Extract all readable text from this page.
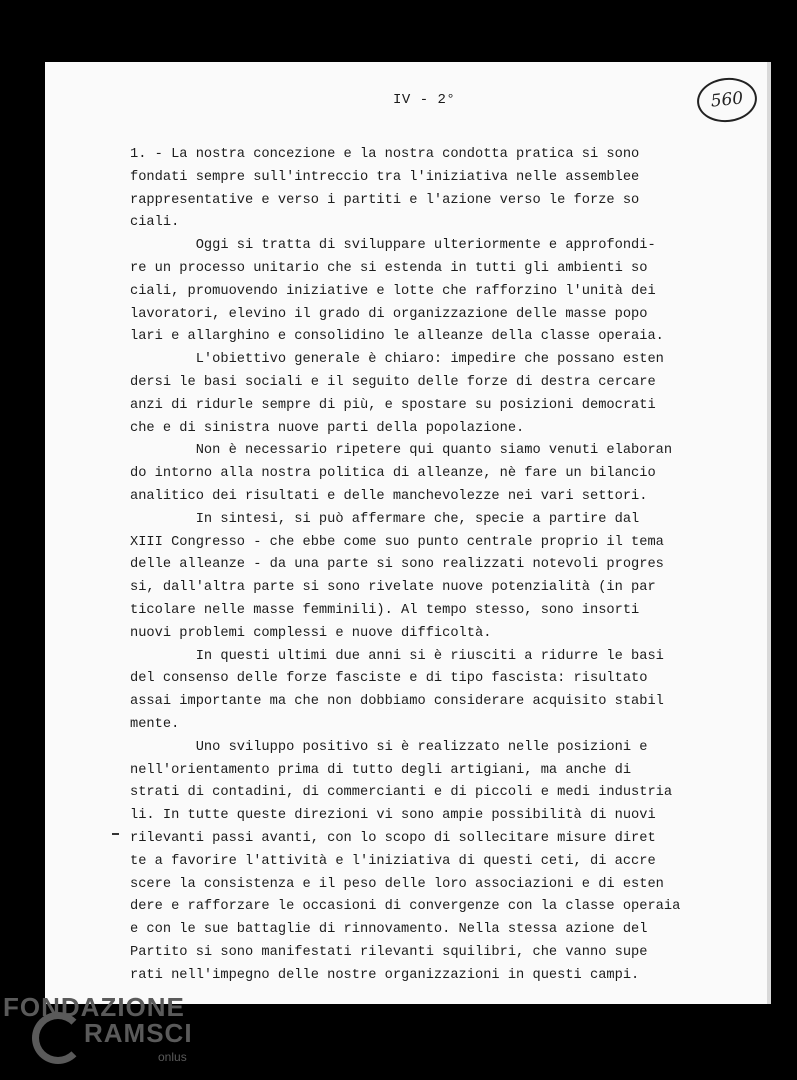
IV - 2°	560
1. - La nostra concezione e la nostra condotta pratica si sono
fondati sempre sull'intreccio tra l'iniziativa nelle assemblee
rappresentative e verso i partiti e l'azione verso le forze so
ciali.
Oggi si tratta di sviluppare ulteriormente e approfondi-
re un processo unitario che si estenda in tutti gli ambienti so
ciali, promuovendo iniziative e lotte che rafforzino l'unità dei
lavoratori, elevino il grado di organizzazione delle masse popo
lari e allarghino e consolidino le alleanze della classe operaia.
L'obiettivo generale è chiaro: impedire che possano esten
dersi le basi sociali e il seguito delle forze di destra cercare
anzi di ridurle sempre di più, e spostare su posizioni democrati
che e di sinistra nuove parti della popolazione.
Non è necessario ripetere qui quanto siamo venuti elaboran
do intorno alla nostra politica di alleanze, nè fare un bilancio
analitico dei risultati e delle manchevolezze nei vari settori.
In sintesi, si può affermare che, specie a partire dal
XIII Congresso - che ebbe come suo punto centrale proprio il tema
delle alleanze - da una parte si sono realizzati notevoli progres
si, dall'altra parte si sono rivelate nuove potenzialità (in par
ticolare nelle masse femminili). Al tempo stesso, sono insorti
nuovi problemi complessi e nuove difficoltà.
In questi ultimi due anni si è riusciti a ridurre le basi
del consenso delle forze fasciste e di tipo fascista: risultato
assai importante ma che non dobbiamo considerare acquisito stabil
mente.
Uno sviluppo positivo si è realizzato nelle posizioni e
nell'orientamento prima di tutto degli artigiani, ma anche di
strati di contadini, di commercianti e di piccoli e medi industria
li. In tutte queste direzioni vi sono ampie possibilità di nuovi
rilevanti passi avanti, con lo scopo di sollecitare misure diret
te a favorire l'attività e l'iniziativa di questi ceti, di accre
scere la consistenza e il peso delle loro associazioni e di esten
dere e rafforzare le occasioni di convergenze con la classe operaia
e con le sue battaglie di rinnovamento. Nella stessa azione del
Partito si sono manifestati rilevanti squilibri, che vanno supe
rati nell'impegno delle nostre organizzazioni in questi campi.
FONDAZIONE
RAMSCI
onlus
